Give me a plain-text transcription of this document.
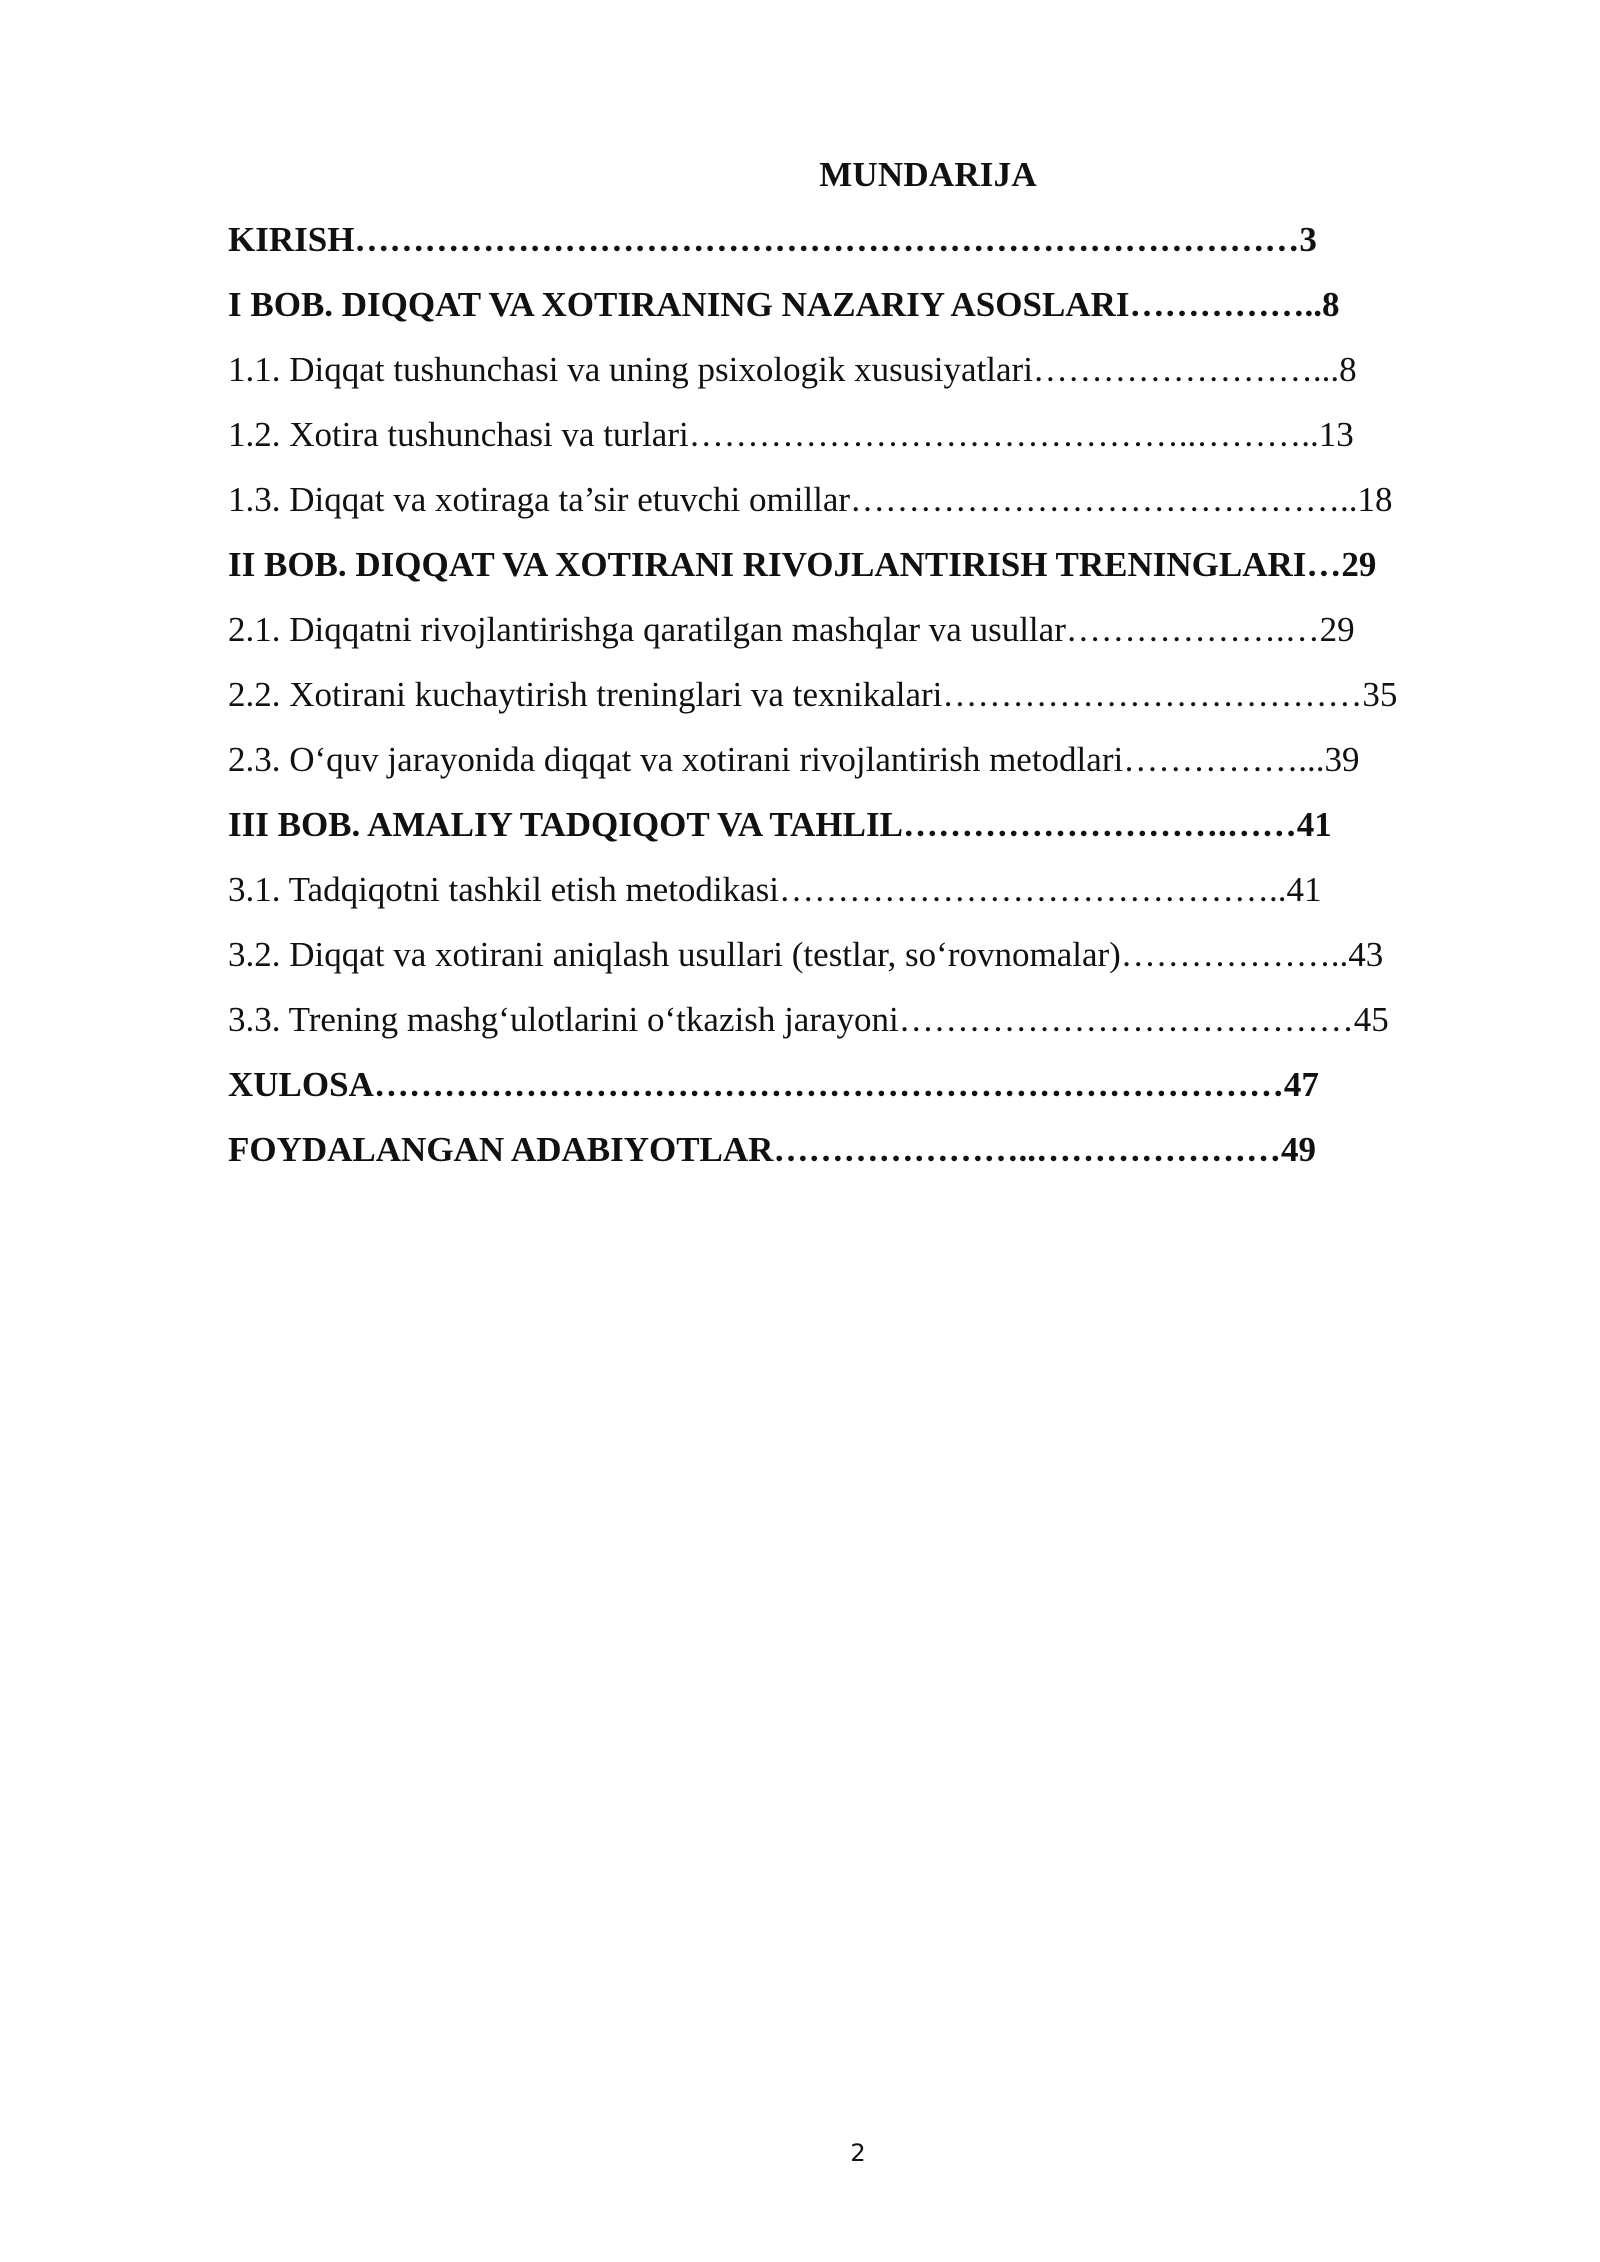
MUNDARIJA
KIRISH………………………………………………………………………3
I BOB. DIQQAT VA XOTIRANING NAZARIY ASOSLARI……………..8
1.1. Diqqat tushunchasi va uning psixologik xususiyatlari……………………...8
1.2. Xotira tushunchasi va turlari……………………………………..………..13
1.3. Diqqat va xotiraga ta’sir etuvchi omillar……………………………………..18
II BOB. DIQQAT VA XOTIRANI RIVOJLANTIRISH TRENINGLARI…29
2.1. Diqqatni rivojlantirishga qaratilgan mashqlar va usullar……………….…29
2.2. Xotirani kuchaytirish treninglari va texnikalari………………………………35
2.3. O‘quv jarayonida diqqat va xotirani rivojlantirish metodlari……………...39
III BOB. AMALIY TADQIQOT VA TAHLIL……………………….……41
3.1. Tadqiqotni tashkil etish metodikasi……………………………………..41
3.2. Diqqat va xotirani aniqlash usullari (testlar, so‘rovnomalar)………………..43
3.3. Trening mashg‘ulotlarini o‘tkazish jarayoni…………………………………45
XULOSA……………………………………………………………………47
FOYDALANGAN ADABIYOTLAR…………………..…………………49
2
